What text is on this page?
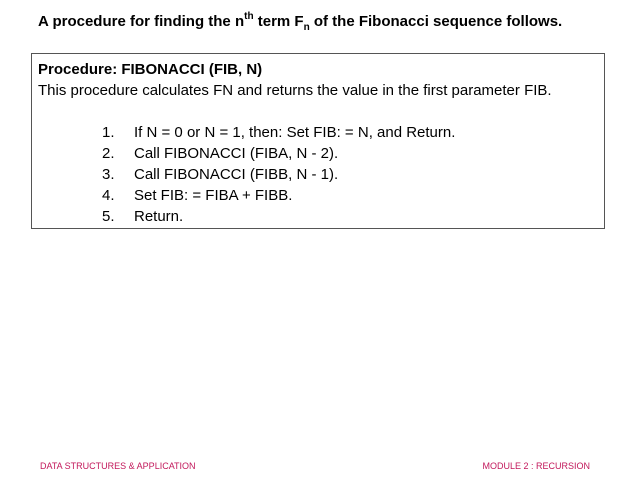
A procedure for finding the $n^{th}$ term $F_n$ of the Fibonacci sequence follows.
Procedure: FIBONACCI (FIB, N)
This procedure calculates FN and returns the value in the first parameter FIB.
1.	If N = 0 or N = 1, then: Set FIB: = N, and Return.
2.	Call FIBONACCI (FIBA, N - 2).
3.	Call FIBONACCI (FIBB, N - 1).
4.	Set FIB: = FIBA + FIBB.
5.	Return.
DATA STRUCTURES & APPLICATION	MODULE 2 : RECURSION
